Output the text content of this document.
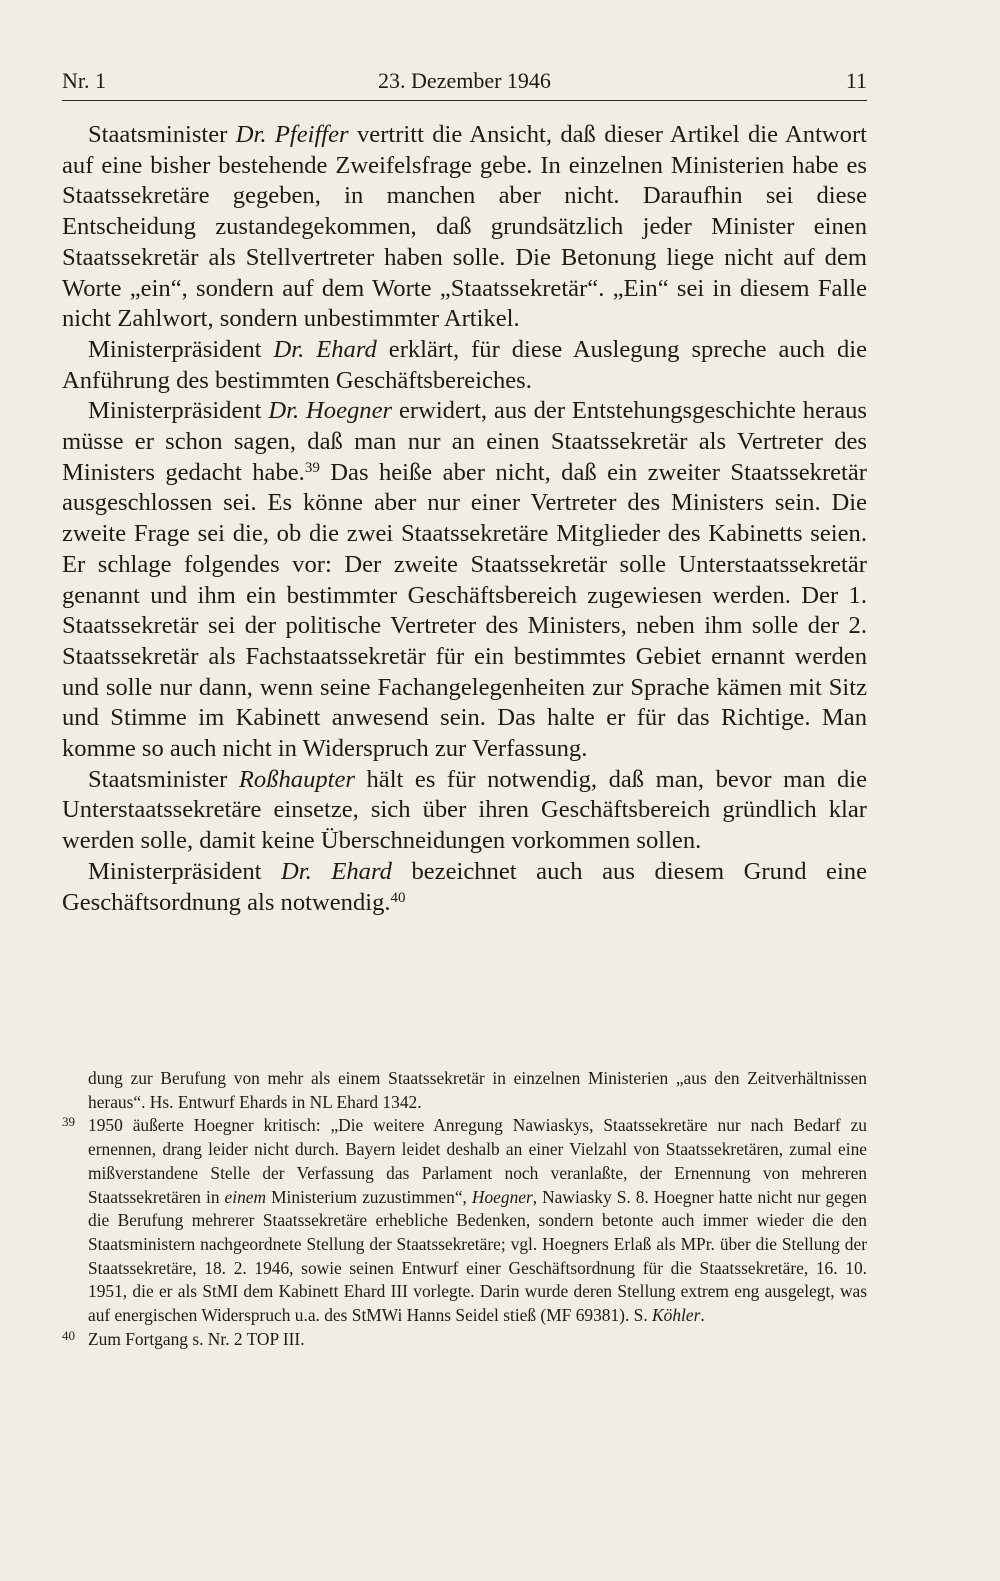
Nr. 1	23. Dezember 1946	11

Staatsminister Dr. Pfeiffer vertritt die Ansicht, daß dieser Artikel die Antwort auf eine bisher bestehende Zweifelsfrage gebe. In einzelnen Ministerien habe es Staatssekretäre gegeben, in manchen aber nicht. Daraufhin sei diese Entscheidung zustandegekommen, daß grundsätzlich jeder Minister einen Staatssekretär als Stellvertreter haben solle. Die Betonung liege nicht auf dem Worte „ein“, sondern auf dem Worte „Staatssekretär“. „Ein“ sei in diesem Falle nicht Zahlwort, sondern unbestimmter Artikel.

Ministerpräsident Dr. Ehard erklärt, für diese Auslegung spreche auch die Anführung des bestimmten Geschäftsbereiches.

Ministerpräsident Dr. Hoegner erwidert, aus der Entstehungsgeschichte heraus müsse er schon sagen, daß man nur an einen Staatssekretär als Vertreter des Ministers gedacht habe.$^{39}$ Das heiße aber nicht, daß ein zweiter Staatssekretär ausgeschlossen sei. Es könne aber nur einer Vertreter des Ministers sein. Die zweite Frage sei die, ob die zwei Staatssekretäre Mitglieder des Kabinetts seien. Er schlage folgendes vor: Der zweite Staatssekretär solle Unterstaatssekretär genannt und ihm ein bestimmter Geschäftsbereich zugewiesen werden. Der 1. Staatssekretär sei der politische Vertreter des Ministers, neben ihm solle der 2. Staatssekretär als Fachstaatssekretär für ein bestimmtes Gebiet ernannt werden und solle nur dann, wenn seine Fachangelegenheiten zur Sprache kämen mit Sitz und Stimme im Kabinett anwesend sein. Das halte er für das Richtige. Man komme so auch nicht in Widerspruch zur Verfassung.

Staatsminister Roßhaupter hält es für notwendig, daß man, bevor man die Unterstaatssekretäre einsetze, sich über ihren Geschäftsbereich gründlich klar werden solle, damit keine Überschneidungen vorkommen sollen.

Ministerpräsident Dr. Ehard bezeichnet auch aus diesem Grund eine Geschäftsordnung als notwendig.$^{40}$

dung zur Berufung von mehr als einem Staatssekretär in einzelnen Ministerien „aus den Zeitverhältnissen heraus“. Hs. Entwurf Ehards in NL Ehard 1342.

39 1950 äußerte Hoegner kritisch: „Die weitere Anregung Nawiaskys, Staatssekretäre nur nach Bedarf zu ernennen, drang leider nicht durch. Bayern leidet deshalb an einer Vielzahl von Staatssekretären, zumal eine mißverstandene Stelle der Verfassung das Parlament noch veranlaßte, der Ernennung von mehreren Staatssekretären in einem Ministerium zuzustimmen“, Hoegner, Nawiasky S. 8. Hoegner hatte nicht nur gegen die Berufung mehrerer Staatssekretäre erhebliche Bedenken, sondern betonte auch immer wieder die den Staatsministern nachgeordnete Stellung der Staatssekretäre; vgl. Hoegners Erlaß als MPr. über die Stellung der Staatssekretäre, 18. 2. 1946, sowie seinen Entwurf einer Geschäftsordnung für die Staatssekretäre, 16. 10. 1951, die er als StMI dem Kabinett Ehard III vorlegte. Darin wurde deren Stellung extrem eng ausgelegt, was auf energischen Widerspruch u.a. des StMWi Hanns Seidel stieß (MF 69381). S. Köhler.

40 Zum Fortgang s. Nr. 2 TOP III.
